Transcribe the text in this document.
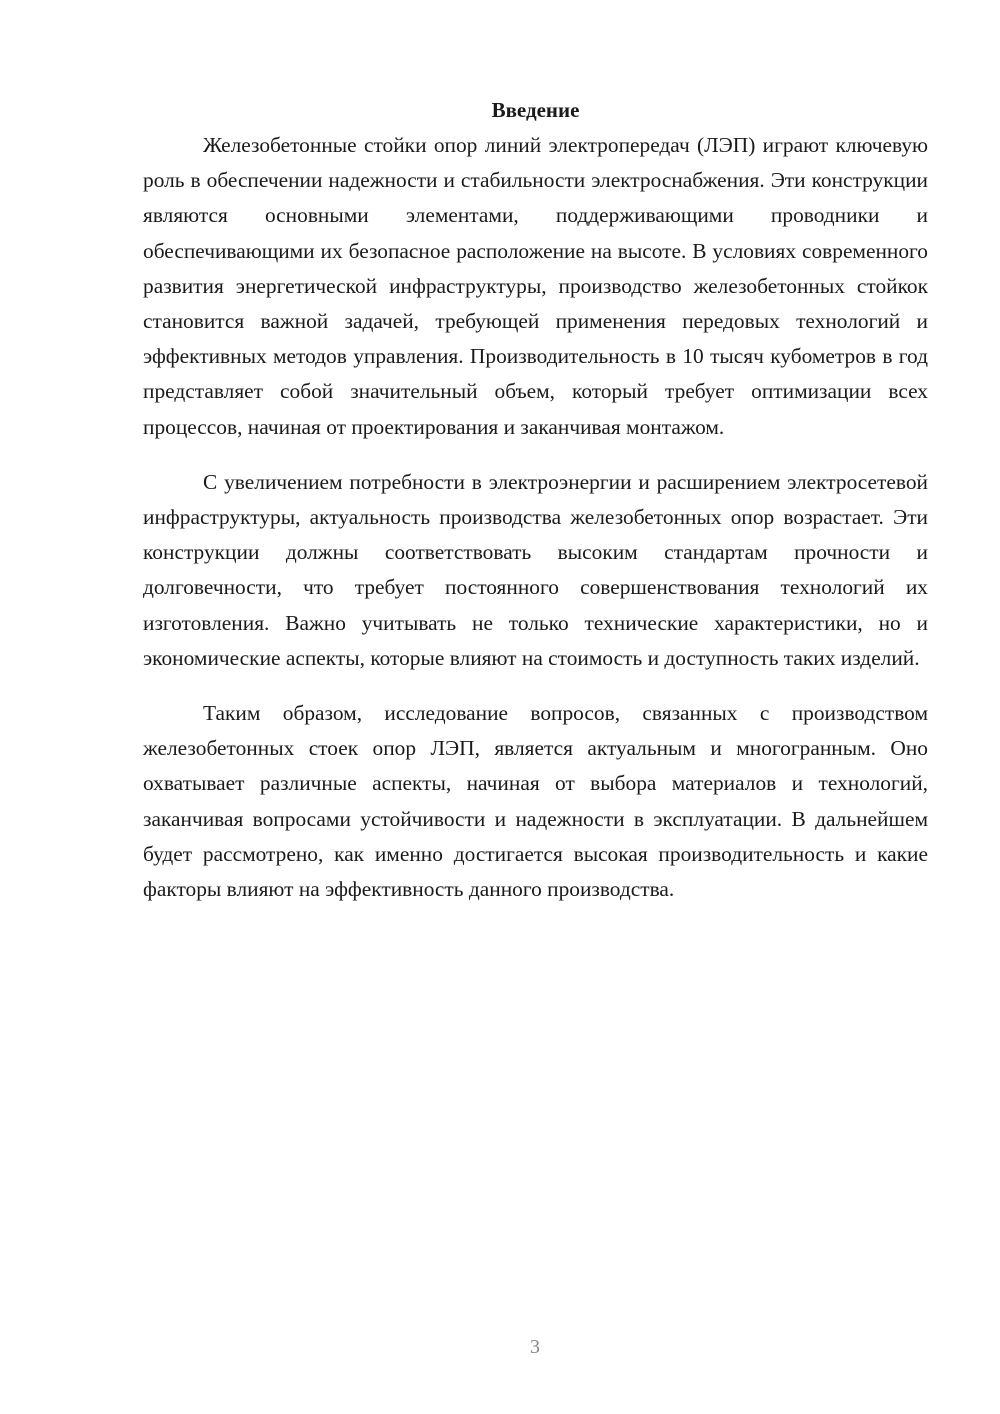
Введение

Железобетонные стойки опор линий электропередач (ЛЭП) играют ключевую роль в обеспечении надежности и стабильности электроснабжения. Эти конструкции являются основными элементами, поддерживающими проводники и обеспечивающими их безопасное расположение на высоте. В условиях современного развития энергетической инфраструктуры, производство железобетонных стойкок становится важной задачей, требующей применения передовых технологий и эффективных методов управления. Производительность в 10 тысяч кубометров в год представляет собой значительный объем, который требует оптимизации всех процессов, начиная от проектирования и заканчивая монтажом.

С увеличением потребности в электроэнергии и расширением электросетевой инфраструктуры, актуальность производства железобетонных опор возрастает. Эти конструкции должны соответствовать высоким стандартам прочности и долговечности, что требует постоянного совершенствования технологий их изготовления. Важно учитывать не только технические характеристики, но и экономические аспекты, которые влияют на стоимость и доступность таких изделий.

Таким образом, исследование вопросов, связанных с производством железобетонных стоек опор ЛЭП, является актуальным и многогранным. Оно охватывает различные аспекты, начиная от выбора материалов и технологий, заканчивая вопросами устойчивости и надежности в эксплуатации. В дальнейшем будет рассмотрено, как именно достигается высокая производительность и какие факторы влияют на эффективность данного производства.

3
